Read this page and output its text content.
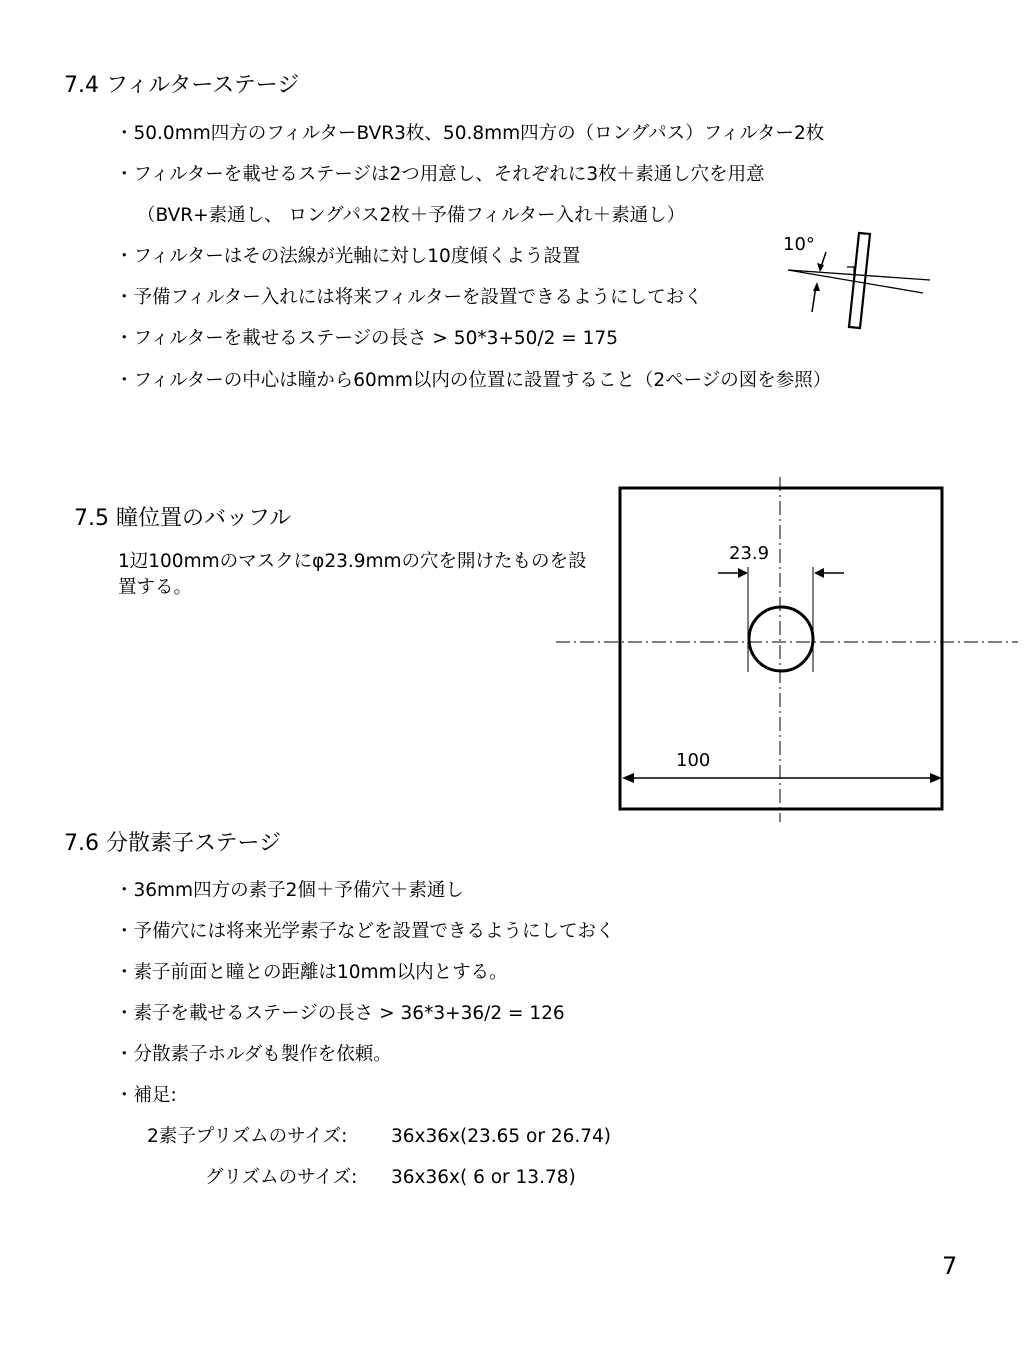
7.4 フィルターステージ
・50.0mm四方のフィルターBVR3枚、50.8mm四方の（ロングパス）フィルター2枚
・フィルターを載せるステージは2つ用意し、それぞれに3枚＋素通し穴を用意
（BVR+素通し、 ロングパス2枚＋予備フィルター入れ＋素通し）
・フィルターはその法線が光軸に対し10度傾くよう設置
・予備フィルター入れには将来フィルターを設置できるようにしておく
・フィルターを載せるステージの長さ > 50*3+50/2 = 175
・フィルターの中心は瞳から60mm以内の位置に設置すること（2ページの図を参照）
10°
7.5 瞳位置のバッフル
1辺100mmのマスクにφ23.9mmの穴を開けたものを設置する。
23.9
100
7.6 分散素子ステージ
・36mm四方の素子2個＋予備穴＋素通し
・予備穴には将来光学素子などを設置できるようにしておく
・素子前面と瞳との距離は10mm以内とする。
・素子を載せるステージの長さ > 36*3+36/2 = 126
・分散素子ホルダも製作を依頼。
・補足:
2素子プリズムのサイズ: 36x36x(23.65 or 26.74)
グリズムのサイズ: 36x36x( 6 or 13.78)
7
